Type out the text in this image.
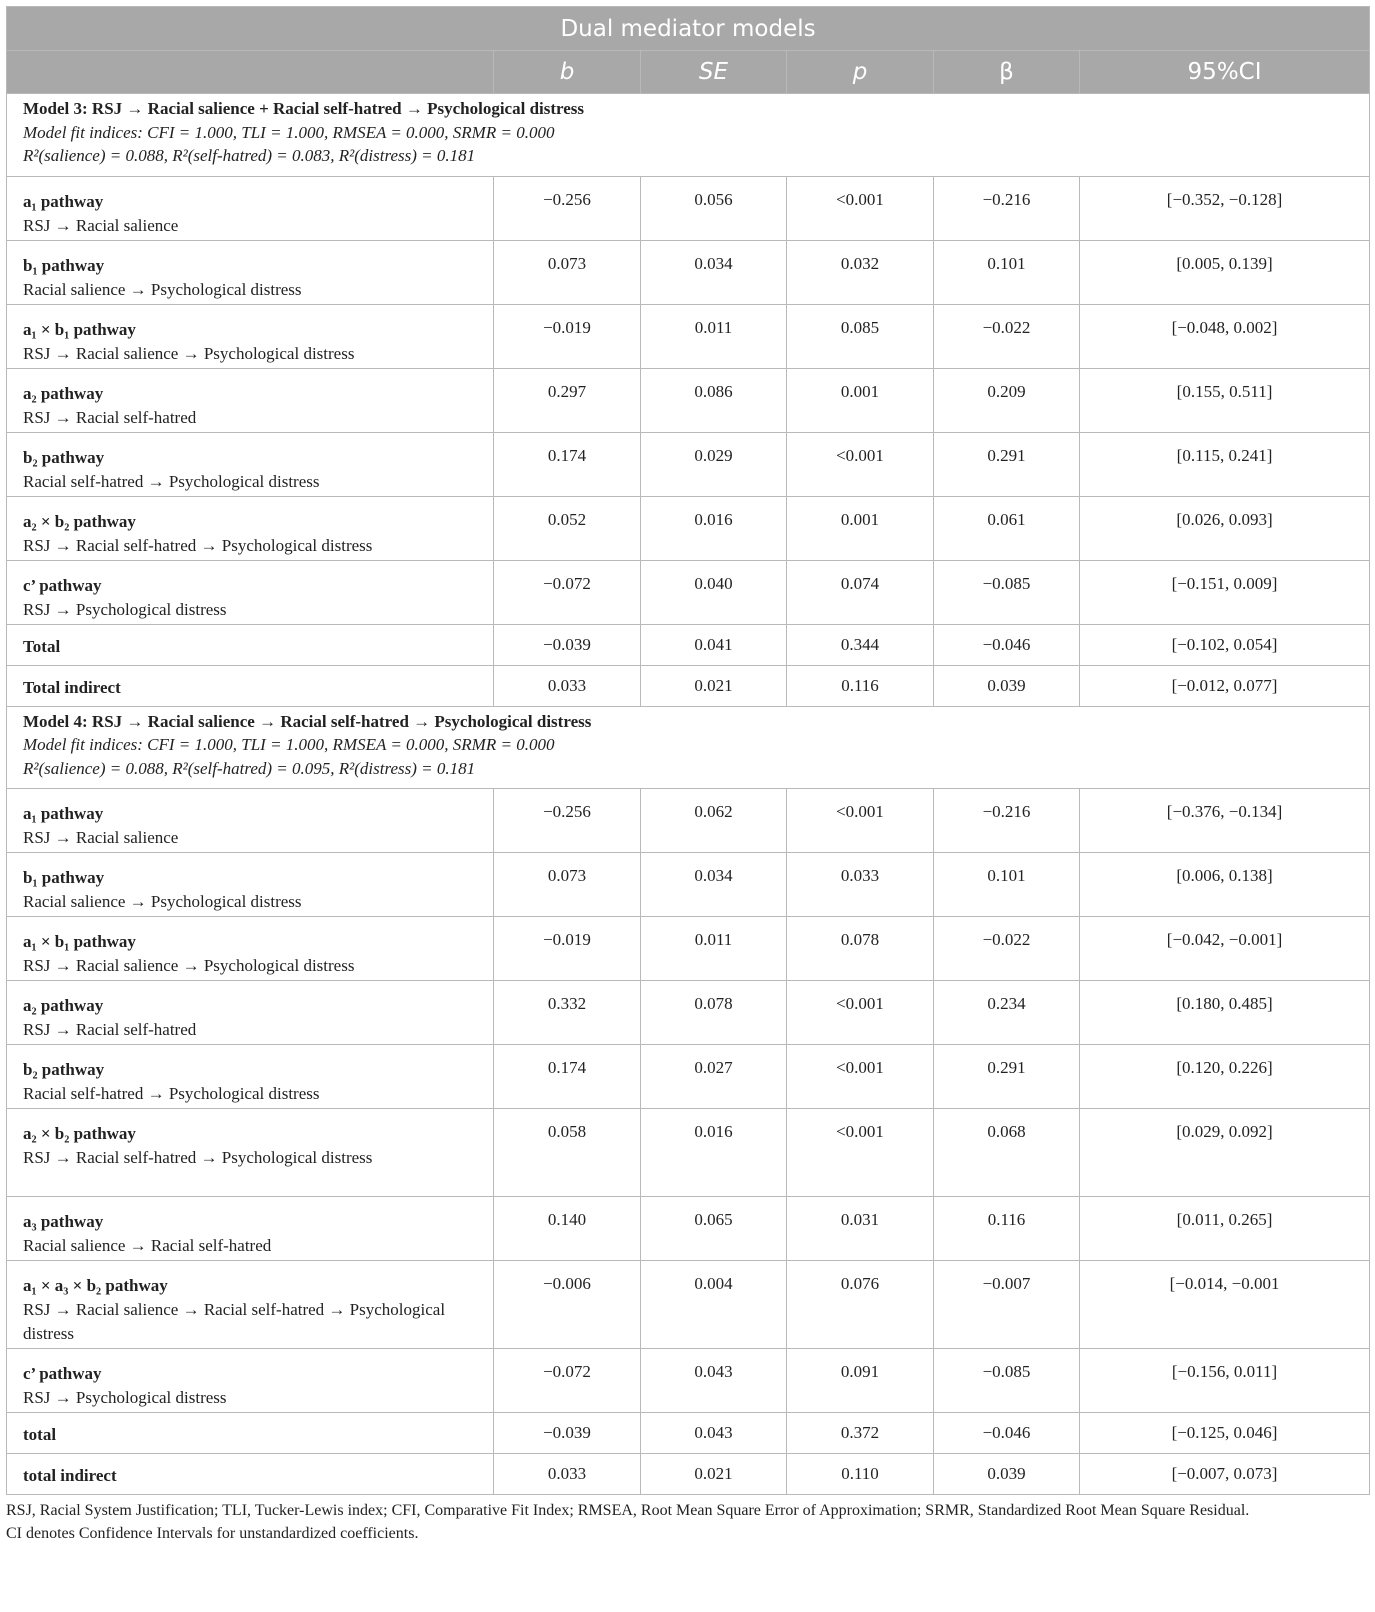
Dual mediator models					
	b	SE	p	β	95%CI

Model 3: RSJ → Racial salience + Racial self-hatred → Psychological distress
Model fit indices: CFI = 1.000, TLI = 1.000, RMSEA = 0.000, SRMR = 0.000
R²(salience) = 0.088, R²(self-hatred) = 0.083, R²(distress) = 0.181					

a₁ pathway
RSJ → Racial salience	−0.256	0.056	<0.001	−0.216	[−0.352, −0.128]

b₁ pathway
Racial salience → Psychological distress	0.073	0.034	0.032	0.101	[0.005, 0.139]

a₁ × b₁ pathway
RSJ → Racial salience → Psychological distress	−0.019	0.011	0.085	−0.022	[−0.048, 0.002]

a₂ pathway
RSJ → Racial self-hatred	0.297	0.086	0.001	0.209	[0.155, 0.511]

b₂ pathway
Racial self-hatred → Psychological distress	0.174	0.029	<0.001	0.291	[0.115, 0.241]

a₂ × b₂ pathway
RSJ → Racial self-hatred → Psychological distress	0.052	0.016	0.001	0.061	[0.026, 0.093]

c’ pathway
RSJ → Psychological distress	−0.072	0.040	0.074	−0.085	[−0.151, 0.009]
Total	−0.039	0.041	0.344	−0.046	[−0.102, 0.054]
Total indirect	0.033	0.021	0.116	0.039	[−0.012, 0.077]

Model 4: RSJ → Racial salience → Racial self-hatred → Psychological distress
Model fit indices: CFI = 1.000, TLI = 1.000, RMSEA = 0.000, SRMR = 0.000
R²(salience) = 0.088, R²(self-hatred) = 0.095, R²(distress) = 0.181					

a₁ pathway
RSJ → Racial salience	−0.256	0.062	<0.001	−0.216	[−0.376, −0.134]

b₁ pathway
Racial salience → Psychological distress	0.073	0.034	0.033	0.101	[0.006, 0.138]

a₁ × b₁ pathway
RSJ → Racial salience → Psychological distress	−0.019	0.011	0.078	−0.022	[−0.042, −0.001]

a₂ pathway
RSJ → Racial self-hatred	0.332	0.078	<0.001	0.234	[0.180, 0.485]

b₂ pathway
Racial self-hatred → Psychological distress	0.174	0.027	<0.001	0.291	[0.120, 0.226]

a₂ × b₂ pathway
RSJ → Racial self-hatred → Psychological distress	0.058	0.016	<0.001	0.068	[0.029, 0.092]

a₃ pathway
Racial salience → Racial self-hatred	0.140	0.065	0.031	0.116	[0.011, 0.265]

a₁ × a₃ × b₂ pathway
RSJ → Racial salience → Racial self-hatred → Psychological distress	−0.006	0.004	0.076	−0.007	[−0.014, −0.001

c’ pathway
RSJ → Psychological distress	−0.072	0.043	0.091	−0.085	[−0.156, 0.011]
total	−0.039	0.043	0.372	−0.046	[−0.125, 0.046]
total indirect	0.033	0.021	0.110	0.039	[−0.007, 0.073]
RSJ, Racial System Justification; TLI, Tucker-Lewis index; CFI, Comparative Fit Index; RMSEA, Root Mean Square Error of Approximation; SRMR, Standardized Root Mean Square Residual.
CI denotes Confidence Intervals for unstandardized coefficients.
